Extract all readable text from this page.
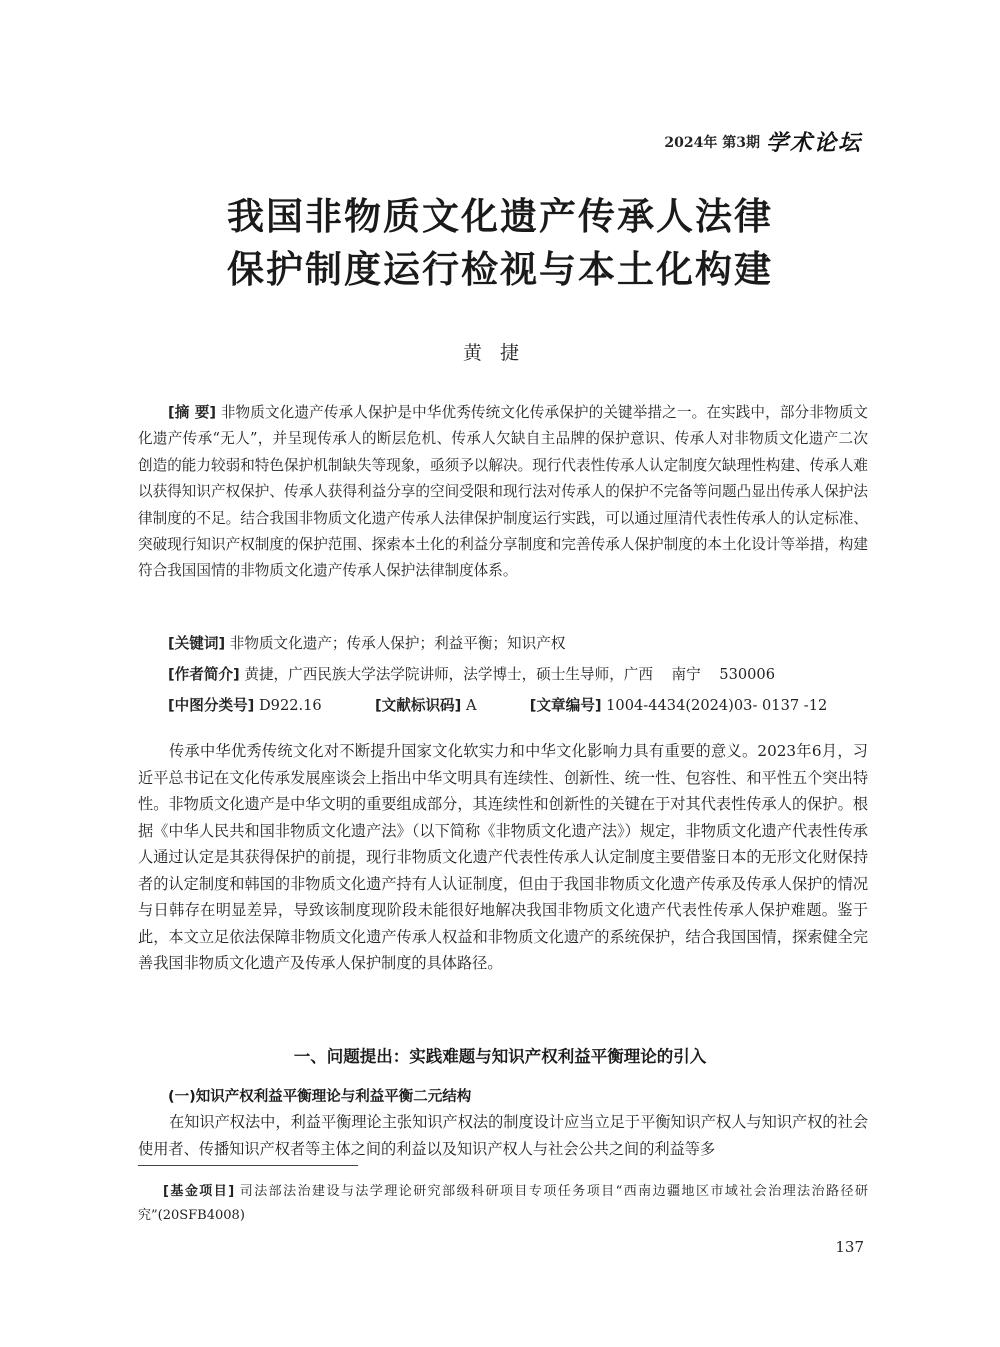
2024年 第3期 学术论坛
我国非物质文化遗产传承人法律
保护制度运行检视与本土化构建
黄捷

[摘 要] 非物质文化遗产传承人保护是中华优秀传统文化传承保护的关键举措之一。在实践中，部分非物质文化遗产传承“无人”，并呈现传承人的断层危机、传承人欠缺自主品牌的保护意识、传承人对非物质文化遗产二次创造的能力较弱和特色保护机制缺失等现象，亟须予以解决。现行代表性传承人认定制度欠缺理性构建、传承人难以获得知识产权保护、传承人获得利益分享的空间受限和现行法对传承人的保护不完备等问题凸显出传承人保护法律制度的不足。结合我国非物质文化遗产传承人法律保护制度运行实践，可以通过厘清代表性传承人的认定标准、突破现行知识产权制度的保护范围、探索本土化的利益分享制度和完善传承人保护制度的本土化设计等举措，构建符合我国国情的非物质文化遗产传承人保护法律制度体系。

[关键词] 非物质文化遗产；传承人保护；利益平衡；知识产权
[作者简介] 黄捷，广西民族大学法学院讲师，法学博士，硕士生导师，广西    南宁    530006
[中图分类号] D922.16	[文献标识码] A	[文章编号] 1004-4434(2024)03- 0137 -12

传承中华优秀传统文化对不断提升国家文化软实力和中华文化影响力具有重要的意义。2023年6月，习近平总书记在文化传承发展座谈会上指出中华文明具有连续性、创新性、统一性、包容性、和平性五个突出特性。非物质文化遗产是中华文明的重要组成部分，其连续性和创新性的关键在于对其代表性传承人的保护。根据《中华人民共和国非物质文化遗产法》（以下简称《非物质文化遗产法》）规定，非物质文化遗产代表性传承人通过认定是其获得保护的前提，现行非物质文化遗产代表性传承人认定制度主要借鉴日本的无形文化财保持者的认定制度和韩国的非物质文化遗产持有人认证制度，但由于我国非物质文化遗产传承及传承人保护的情况与日韩存在明显差异，导致该制度现阶段未能很好地解决我国非物质文化遗产代表性传承人保护难题。鉴于此，本文立足依法保障非物质文化遗产传承人权益和非物质文化遗产的系统保护，结合我国国情，探索健全完善我国非物质文化遗产及传承人保护制度的具体路径。

一、问题提出：实践难题与知识产权利益平衡理论的引入
(一)知识产权利益平衡理论与利益平衡二元结构

在知识产权法中，利益平衡理论主张知识产权法的制度设计应当立足于平衡知识产权人与知识产权的社会使用者、传播知识产权者等主体之间的利益以及知识产权人与社会公共之间的利益等多

[基金项目] 司法部法治建设与法学理论研究部级科研项目专项任务项目“西南边疆地区市域社会治理法治路径研究”(20SFB4008)

137
